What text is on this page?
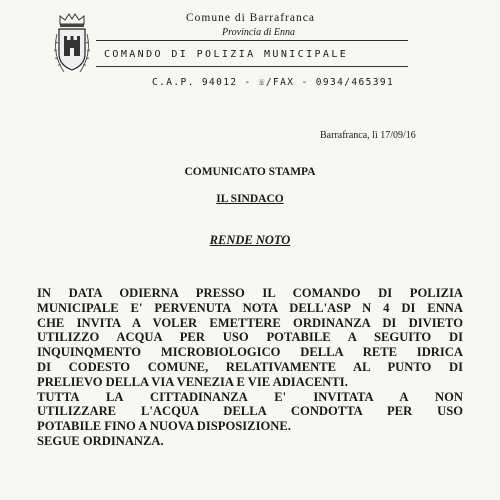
Comune di Barrafranca
Provincia di Enna
COMANDO DI POLIZIA MUNICIPALE
C.A.P. 94012 - ☏/FAX - 0934/465391
Barrafranca, lì 17/09/16
COMUNICATO STAMPA
IL SINDACO
RENDE NOTO
IN DATA ODIERNA PRESSO IL COMANDO DI POLIZIA
MUNICIPALE E' PERVENUTA NOTA DELL'ASP N 4 DI ENNA
CHE INVITA A VOLER EMETTERE ORDINANZA DI DIVIETO
UTILIZZO ACQUA PER USO POTABILE A SEGUITO DI
INQUINQMENTO MICROBIOLOGICO DELLA RETE IDRICA
DI CODESTO COMUNE, RELATIVAMENTE AL PUNTO DI
PRELIEVO DELLA VIA VENEZIA E VIE ADIACENTI.
TUTTA LA CITTADINANZA E' INVITATA A NON
UTILIZZARE L'ACQUA DELLA CONDOTTA PER USO
POTABILE FINO A NUOVA DISPOSIZIONE.
SEGUE ORDINANZA.
